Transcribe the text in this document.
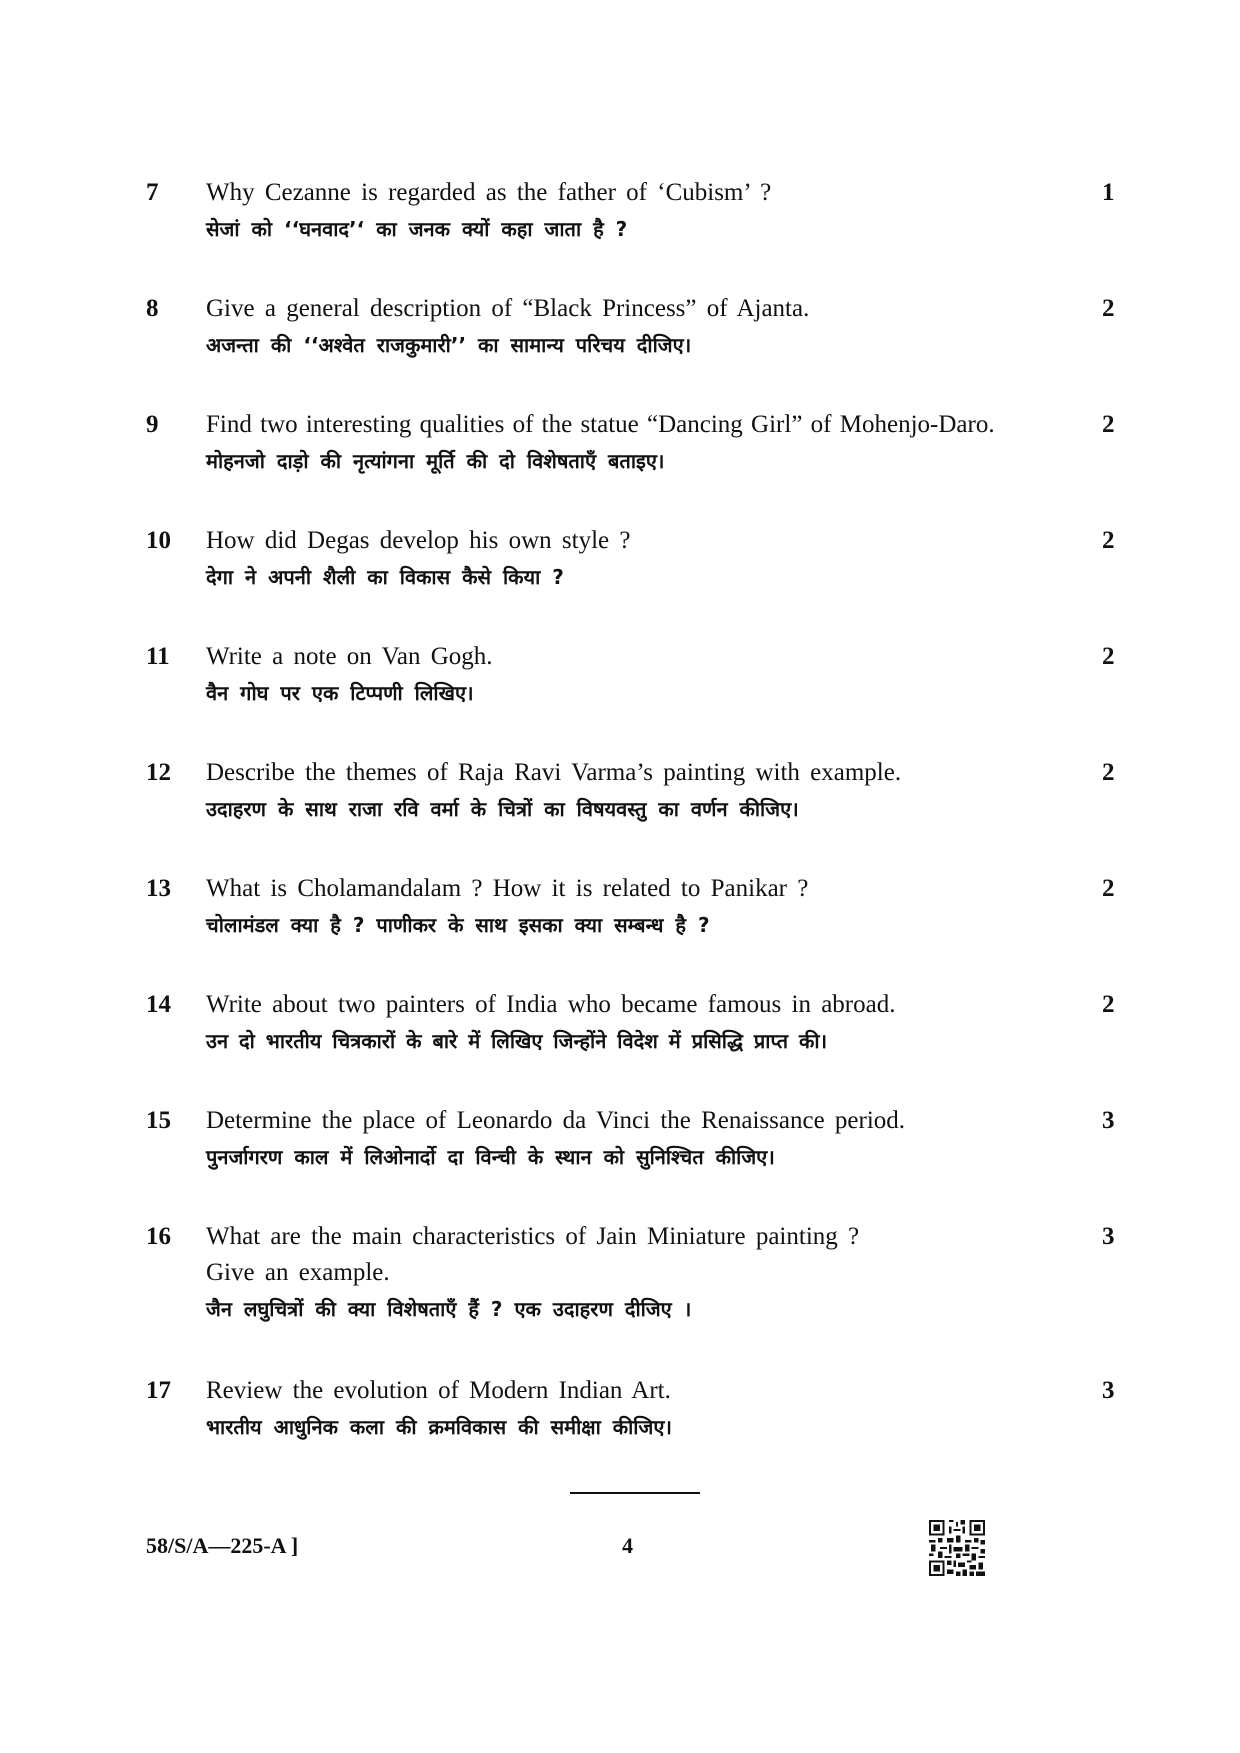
7 Why Cezanne is regarded as the father of ‘Cubism’ ?
सेजां को ‘‘घनवाद’‘ का जनक क्यों कहा जाता है ?
1
8 Give a general description of “Black Princess” of Ajanta.
अजन्ता की ‘‘अश्वेत राजकुमारी’’ का सामान्य परिचय दीजिए।
2
9 Find two interesting qualities of the statue “Dancing Girl” of Mohenjo-Daro.
मोहनजो दाड़ो की नृत्यांगना मूर्ति की दो विशेषताएँ बताइए।
2
10 How did Degas develop his own style ?
देगा ने अपनी शैली का विकास कैसे किया ?
2
11 Write a note on Van Gogh.
वैन गोघ पर एक टिप्पणी लिखिए।
2
12 Describe the themes of Raja Ravi Varma’s painting with example.
उदाहरण के साथ राजा रवि वर्मा के चित्रों का विषयवस्तु का वर्णन कीजिए।
2
13 What is Cholamandalam ? How it is related to Panikar ?
चोलामंडल क्या है ? पाणीकर के साथ इसका क्या सम्बन्ध है ?
2
14 Write about two painters of India who became famous in abroad.
उन दो भारतीय चित्रकारों के बारे में लिखिए जिन्होंने विदेश में प्रसिद्धि प्राप्त की।
2
15 Determine the place of Leonardo da Vinci the Renaissance period.
पुनर्जागरण काल में लिओनार्दो दा विन्ची के स्थान को सुनिश्चित कीजिए।
3
16 What are the main characteristics of Jain Miniature painting ?
Give an example.
जैन लघुचित्रों की क्या विशेषताएँ हैं ? एक उदाहरण दीजिए ।
3
17 Review the evolution of Modern Indian Art.
भारतीय आधुनिक कला की क्रमविकास की समीक्षा कीजिए।
3
58/S/A—225-A ]	4
